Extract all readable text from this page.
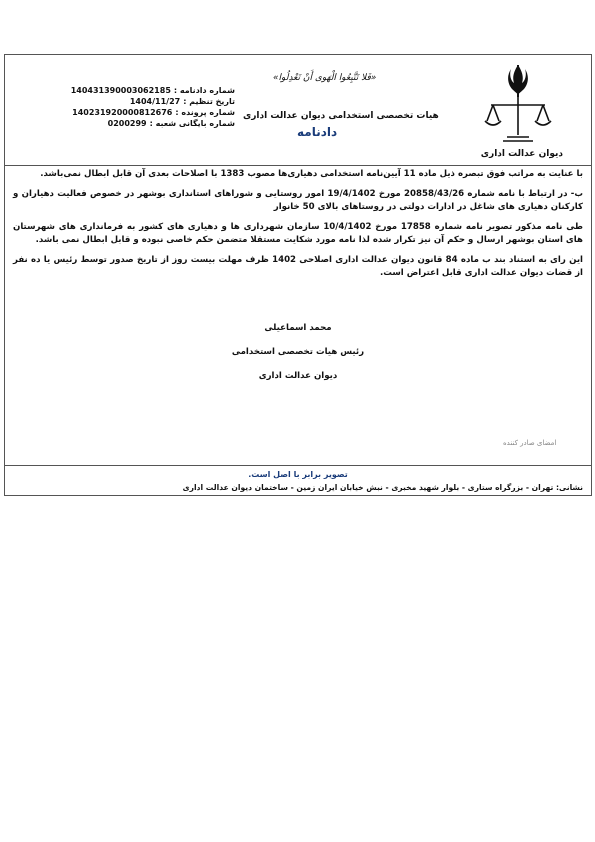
دیوان عدالت اداری
«فَلا تَتَّبِعُوا الْهَوى أَنْ تَعْدِلُوا»
هیات تخصصی استخدامی دیوان عدالت اداری
دادنامه
شماره دادنامه :
140431390003062185
تاریخ تنظیم :
1404/11/27
شماره پرونده :
140231920000812676
شماره بایگانی شعبه :
0200299

با عنایت به مراتب فوق تبصره ذیل ماده 11 آیین‌نامه استخدامی دهیاری‌ها مصوب 1383 با اصلاحات بعدی آن قابل ابطال نمی‌باشد.

ب- در ارتباط با نامه شماره 20858/43/26 مورخ 19/4/1402 امور روستایی و شوراهای استانداری بوشهر در خصوص فعالیت دهیاران و کارکنان دهیاری های شاغل در ادارات دولتی در روستاهای بالای 50 خانوار

طی نامه مذکور تصویر نامه شماره 17858 مورخ 10/4/1402 سازمان شهرداری ها و دهیاری های کشور به فرمانداری های شهرستان های استان بوشهر ارسال و حکم آن نیز تکرار شده لذا نامه مورد شکایت مستقلا متضمن حکم خاصی نبوده و قابل ابطال نمی باشد.

این رای به استناد بند ب ماده 84 قانون دیوان عدالت اداری اصلاحی 1402 ظرف مهلت بیست روز از تاریخ صدور توسط رئیس یا ده نفر از قضات دیوان عدالت اداری قابل اعتراض است.

محمد اسماعیلی
رئیس هیات تخصصی استخدامی
دیوان عدالت اداری
امضای صادر کننده
تصویر برابر با اصل است.
نشانی: تهران - بزرگراه ستاری - بلوار شهید مخبری - نبش خیابان ایران زمین - ساختمان دیوان عدالت اداری
